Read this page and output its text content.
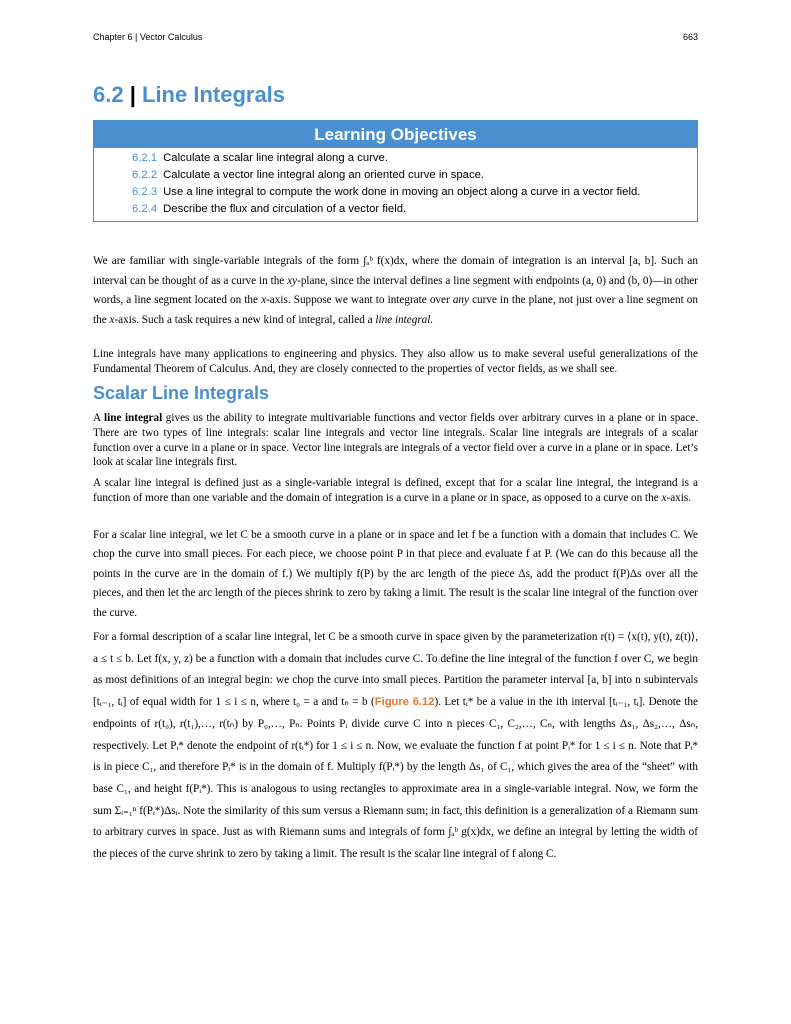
Chapter 6 | Vector Calculus	663
6.2 | Line Integrals
Learning Objectives
6.2.1 Calculate a scalar line integral along a curve.
6.2.2 Calculate a vector line integral along an oriented curve in space.
6.2.3 Use a line integral to compute the work done in moving an object along a curve in a vector field.
6.2.4 Describe the flux and circulation of a vector field.

We are familiar with single-variable integrals of the form ∫ₐᵇ f(x)dx, where the domain of integration is an interval [a, b]. Such an interval can be thought of as a curve in the xy-plane, since the interval defines a line segment with endpoints (a, 0) and (b, 0)—in other words, a line segment located on the x-axis. Suppose we want to integrate over any curve in the plane, not just over a line segment on the x-axis. Such a task requires a new kind of integral, called a line integral.

Line integrals have many applications to engineering and physics. They also allow us to make several useful generalizations of the Fundamental Theorem of Calculus. And, they are closely connected to the properties of vector fields, as we shall see.

Scalar Line Integrals

A line integral gives us the ability to integrate multivariable functions and vector fields over arbitrary curves in a plane or in space. There are two types of line integrals: scalar line integrals and vector line integrals. Scalar line integrals are integrals of a scalar function over a curve in a plane or in space. Vector line integrals are integrals of a vector field over a curve in a plane or in space. Let’s look at scalar line integrals first.

A scalar line integral is defined just as a single-variable integral is defined, except that for a scalar line integral, the integrand is a function of more than one variable and the domain of integration is a curve in a plane or in space, as opposed to a curve on the x-axis.

For a scalar line integral, we let C be a smooth curve in a plane or in space and let f be a function with a domain that includes C. We chop the curve into small pieces. For each piece, we choose point P in that piece and evaluate f at P. (We can do this because all the points in the curve are in the domain of f.) We multiply f(P) by the arc length of the piece Δs, add the product f(P)Δs over all the pieces, and then let the arc length of the pieces shrink to zero by taking a limit. The result is the scalar line integral of the function over the curve.

For a formal description of a scalar line integral, let C be a smooth curve in space given by the parameterization r(t) = ⟨x(t), y(t), z(t)⟩, a ≤ t ≤ b. Let f(x, y, z) be a function with a domain that includes curve C. To define the line integral of the function f over C, we begin as most definitions of an integral begin: we chop the curve into small pieces. Partition the parameter interval [a, b] into n subintervals [tᵢ₋₁, tᵢ] of equal width for 1 ≤ i ≤ n, where t₀ = a and tₙ = b (Figure 6.12). Let tᵢ* be a value in the ith interval [tᵢ₋₁, tᵢ]. Denote the endpoints of r(t₀), r(t₁),…, r(tₙ) by P₀,…, Pₙ. Points Pᵢ divide curve C into n pieces C₁, C₂,…, Cₙ, with lengths Δs₁, Δs₂,…, Δsₙ, respectively. Let Pᵢ* denote the endpoint of r(tᵢ*) for 1 ≤ i ≤ n. Now, we evaluate the function f at point Pᵢ* for 1 ≤ i ≤ n. Note that Pᵢ* is in piece C₁, and therefore Pᵢ* is in the domain of f. Multiply f(Pᵢ*) by the length Δs₁ of C₁, which gives the area of the “sheet” with base C₁, and height f(Pᵢ*). This is analogous to using rectangles to approximate area in a single-variable integral. Now, we form the sum Σᵢ₌₁ⁿ f(Pᵢ*)Δsᵢ. Note the similarity of this sum versus a Riemann sum; in fact, this definition is a generalization of a Riemann sum to arbitrary curves in space. Just as with Riemann sums and integrals of form ∫ₐᵇ g(x)dx, we define an integral by letting the width of the pieces of the curve shrink to zero by taking a limit. The result is the scalar line integral of f along C.
